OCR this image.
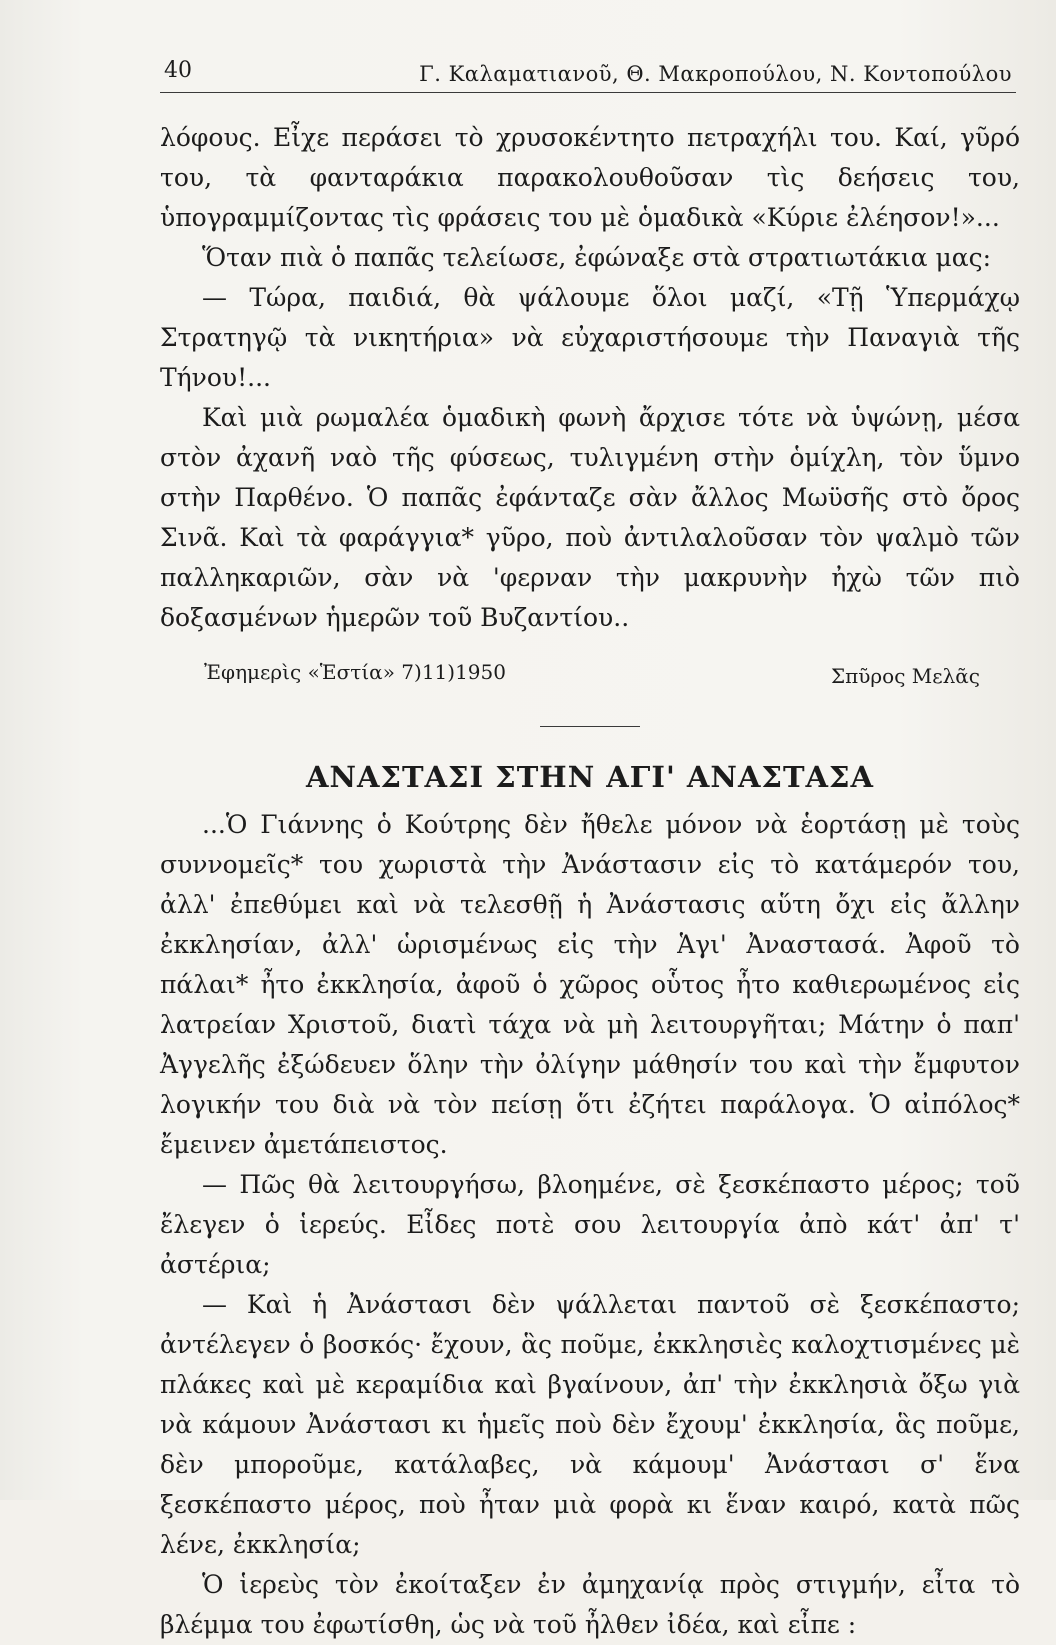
40	Γ. Καλαματιανοῦ, Θ. Μακροπούλου, Ν. Κοντοπούλου

λόφους. Εἶχε περάσει τὸ χρυσοκέντητο πετραχήλι του. Καί, γῦρό του, τὰ φανταράκια παρακολουθοῦσαν τὶς δεήσεις του, ὑπογραμμίζοντας τὶς φράσεις του μὲ ὁμαδικὰ «Κύριε ἐλέησον!»...

Ὅταν πιὰ ὁ παπᾶς τελείωσε, ἐφώναξε στὰ στρατιωτάκια μας:

— Τώρα, παιδιά, θὰ ψάλουμε ὅλοι μαζί, «Τῇ Ὑπερμάχῳ Στρατηγῷ τὰ νικητήρια» νὰ εὐχαριστήσουμε τὴν Παναγιὰ τῆς Τήνου!...

Καὶ μιὰ ρωμαλέα ὁμαδικὴ φωνὴ ἄρχισε τότε νὰ ὑψώνῃ, μέσα στὸν ἀχανῆ ναὸ τῆς φύσεως, τυλιγμένη στὴν ὁμίχλη, τὸν ὕμνο στὴν Παρθένο. Ὁ παπᾶς ἐφάνταζε σὰν ἄλλος Μωϋσῆς στὸ ὄρος Σινᾶ. Καὶ τὰ φαράγγια* γῦρο, ποὺ ἀντιλαλοῦσαν τὸν ψαλμὸ τῶν παλληκαριῶν, σὰν νὰ 'φερναν τὴν μακρυνὴν ἠχὼ τῶν πιὸ δοξασμένων ἡμερῶν τοῦ Βυζαντίου..

Ἐφημερὶς «Ἑστία» 7)11)1950	Σπῦρος Μελᾶς
ΑΝΑΣΤΑΣΙ ΣΤΗΝ ΑΓΙ' ΑΝΑΣΤΑΣΑ

...Ὁ Γιάννης ὁ Κούτρης δὲν ἤθελε μόνον νὰ ἑορτάσῃ μὲ τοὺς συννομεῖς* του χωριστὰ τὴν Ἀνάστασιν εἰς τὸ κατάμερόν του, ἀλλ' ἐπεθύμει καὶ νὰ τελεσθῇ ἡ Ἀνάστασις αὕτη ὄχι εἰς ἄλλην ἐκκλησίαν, ἀλλ' ὡρισμένως εἰς τὴν Ἁγι' Ἀναστασά. Ἀφοῦ τὸ πάλαι* ἦτο ἐκκλησία, ἀφοῦ ὁ χῶρος οὗτος ἦτο καθιερωμένος εἰς λατρείαν Χριστοῦ, διατὶ τάχα νὰ μὴ λειτουργῆται; Μάτην ὁ παπ' Ἀγγελῆς ἐξώδευεν ὅλην τὴν ὀλίγην μάθησίν του καὶ τὴν ἔμφυτον λογικήν του διὰ νὰ τὸν πείσῃ ὅτι ἐζήτει παράλογα. Ὁ αἰπόλος* ἔμεινεν ἀμετάπειστος.

— Πῶς θὰ λειτουργήσω, βλοημένε, σὲ ξεσκέπαστο μέρος; τοῦ ἔλεγεν ὁ ἱερεύς. Εἶδες ποτὲ σου λειτουργία ἀπὸ κάτ' ἀπ' τ' ἀστέρια;

— Καὶ ἡ Ἀνάστασι δὲν ψάλλεται παντοῦ σὲ ξεσκέπαστο; ἀντέλεγεν ὁ βοσκός· ἔχουν, ἃς ποῦμε, ἐκκλησιὲς καλοχτισμένες μὲ πλάκες καὶ μὲ κεραμίδια καὶ βγαίνουν, ἀπ' τὴν ἐκκλησιὰ ὄξω γιὰ νὰ κάμουν Ἀνάστασι κι ἡμεῖς ποὺ δὲν ἔχουμ' ἐκκλησία, ἃς ποῦμε, δὲν μποροῦμε, κατάλαβες, νὰ κάμουμ' Ἀνάστασι σ' ἕνα ξεσκέπαστο μέρος, ποὺ ἦταν μιὰ φορὰ κι ἕναν καιρό, κατὰ πῶς λένε, ἐκκλησία;

Ὁ ἱερεὺς τὸν ἐκοίταξεν ἐν ἀμηχανίᾳ πρὸς στιγμήν, εἶτα τὸ βλέμμα του ἐφωτίσθη, ὡς νὰ τοῦ ἦλθεν ἰδέα, καὶ εἶπε :
